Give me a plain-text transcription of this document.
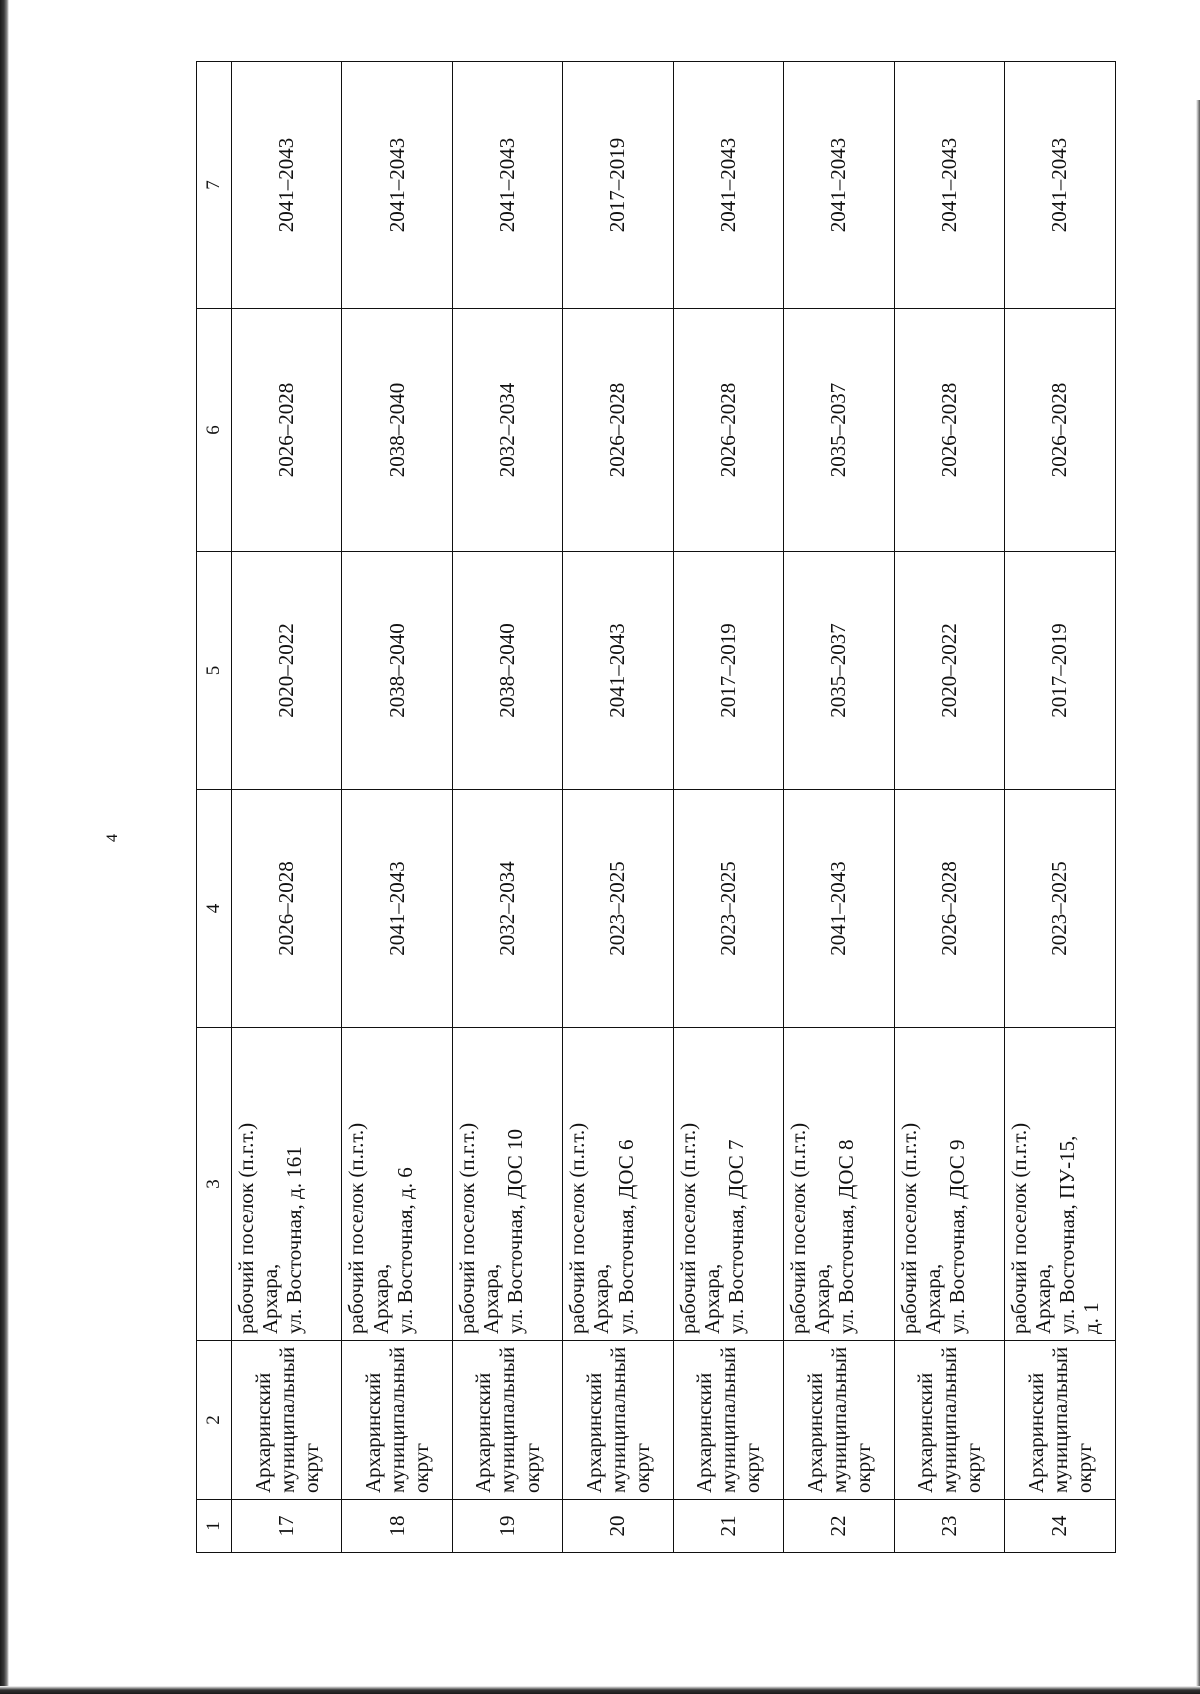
4
1	2	3	4	5	6	7
17	Архаринский муниципальный округ	рабочий поселок (п.г.т.) Архара, ул. Восточная, д. 161	2026–2028	2020–2022	2026–2028	2041–2043
18	Архаринский муниципальный округ	рабочий поселок (п.г.т.) Архара, ул. Восточная, д. 6	2041–2043	2038–2040	2038–2040	2041–2043
19	Архаринский муниципальный округ	рабочий поселок (п.г.т.) Архара, ул. Восточная, ДОС 10	2032–2034	2038–2040	2032–2034	2041–2043
20	Архаринский муниципальный округ	рабочий поселок (п.г.т.) Архара, ул. Восточная, ДОС 6	2023–2025	2041–2043	2026–2028	2017–2019
21	Архаринский муниципальный округ	рабочий поселок (п.г.т.) Архара, ул. Восточная, ДОС 7	2023–2025	2017–2019	2026–2028	2041–2043
22	Архаринский муниципальный округ	рабочий поселок (п.г.т.) Архара, ул. Восточная, ДОС 8	2041–2043	2035–2037	2035–2037	2041–2043
23	Архаринский муниципальный округ	рабочий поселок (п.г.т.) Архара, ул. Восточная, ДОС 9	2026–2028	2020–2022	2026–2028	2041–2043
24	Архаринский муниципальный округ	рабочий поселок (п.г.т.) Архара, ул. Восточная, ПУ-15, д. 1	2023–2025	2017–2019	2026–2028	2041–2043
